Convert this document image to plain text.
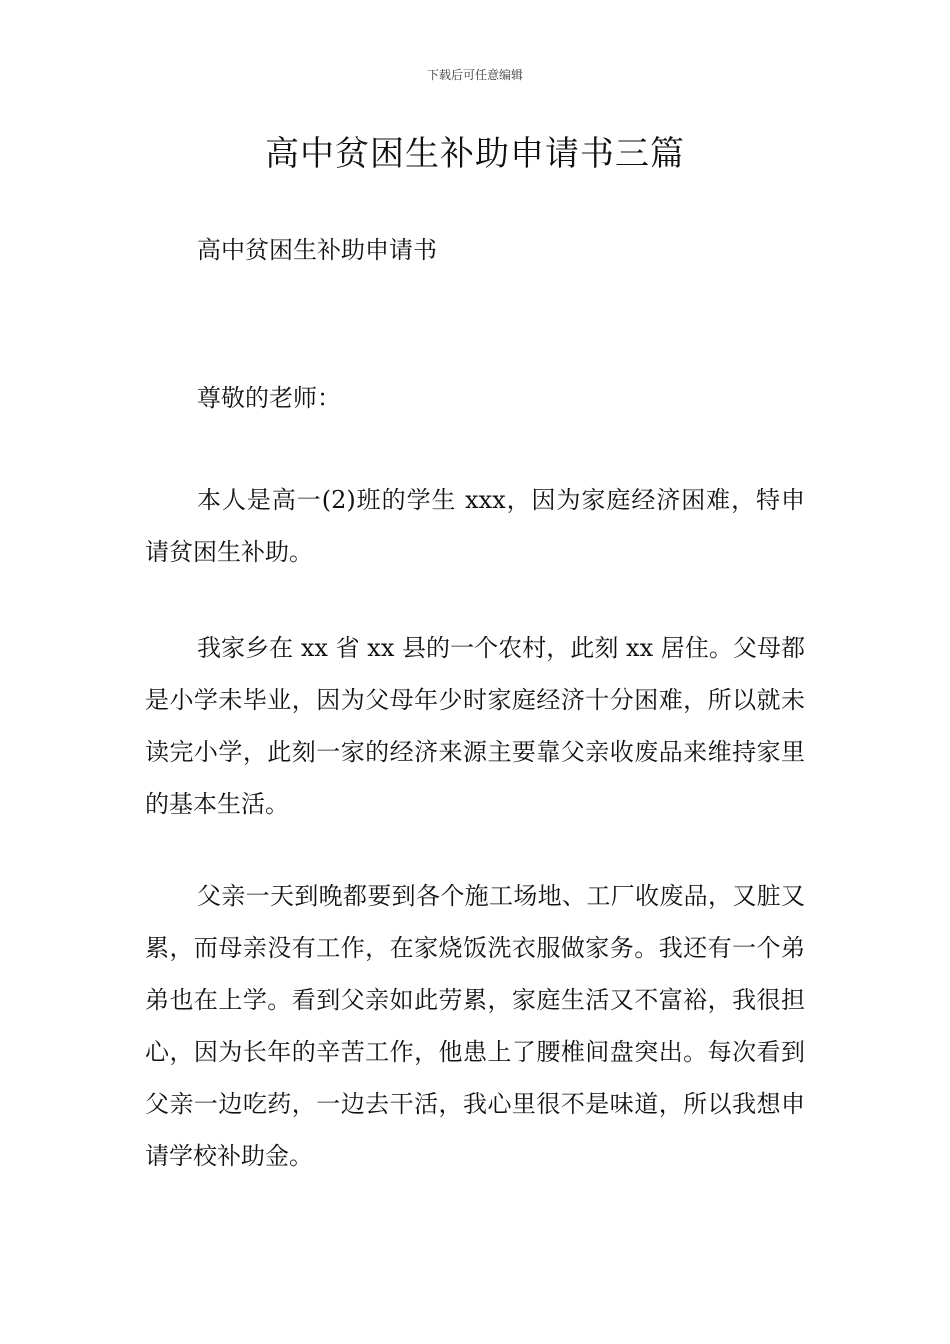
下载后可任意编辑
高中贫困生补助申请书三篇

高中贫困生补助申请书

尊敬的老师：

本人是高一(2)班的学生 xxx，因为家庭经济困难，特申请贫困生补助。

我家乡在 xx 省 xx 县的一个农村，此刻 xx 居住。父母都是小学未毕业，因为父母年少时家庭经济十分困难，所以就未读完小学，此刻一家的经济来源主要靠父亲收废品来维持家里的基本生活。

父亲一天到晚都要到各个施工场地、工厂收废品，又脏又累，而母亲没有工作，在家烧饭洗衣服做家务。我还有一个弟弟也在上学。看到父亲如此劳累，家庭生活又不富裕，我很担心，因为长年的辛苦工作，他患上了腰椎间盘突出。每次看到父亲一边吃药，一边去干活，我心里很不是味道，所以我想申请学校补助金。
